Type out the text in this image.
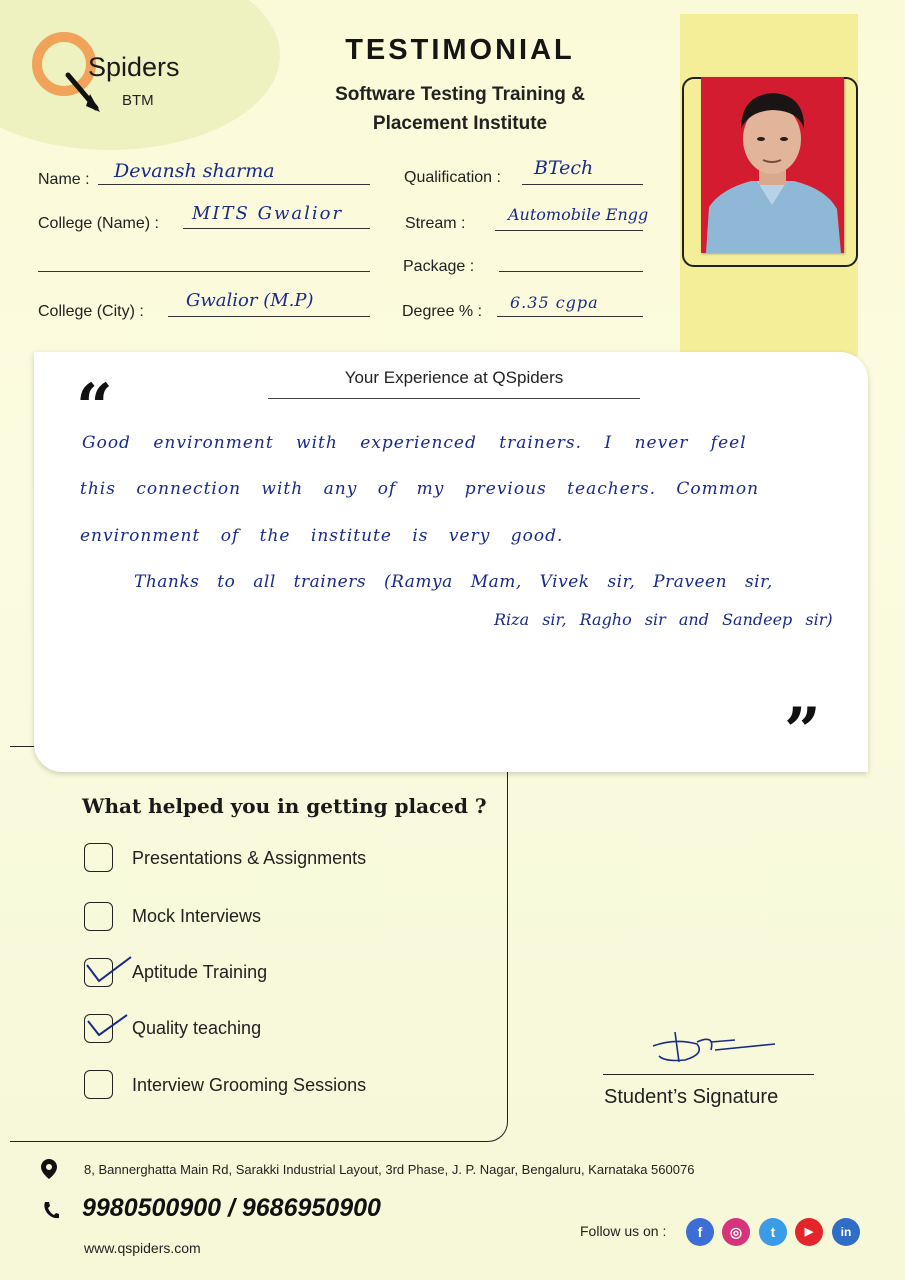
Spiders
BTM
TESTIMONIAL
Software Testing Training &
Placement Institute
Name : Devansh sharma	Qualification : BTech
College (Name) : MITS Gwalior	Stream :	Automobile Engg
Package :
College (City) :
Gwalior (M.P)
Degree % : 6.35 cgpa
Your Experience at QSpiders
“
”
Good environment with experienced trainers. I never feel
this connection with any of my previous teachers. Common
environment of the institute is very good.
Thanks to all trainers (Ramya Mam, Vivek sir, Praveen sir,
Riza sir, Ragho sir and Sandeep sir)
What helped you in getting placed ?
Presentations & Assignments
Mock Interviews
Aptitude Training
Quality teaching
Interview Grooming Sessions
Student’s Signature
8, Bannerghatta Main Rd, Sarakki Industrial Layout, 3rd Phase, J. P. Nagar, Bengaluru, Karnataka 560076
9980500900 / 9686950900
www.qspiders.com
Follow us on :	f	◎	t	▶	in
